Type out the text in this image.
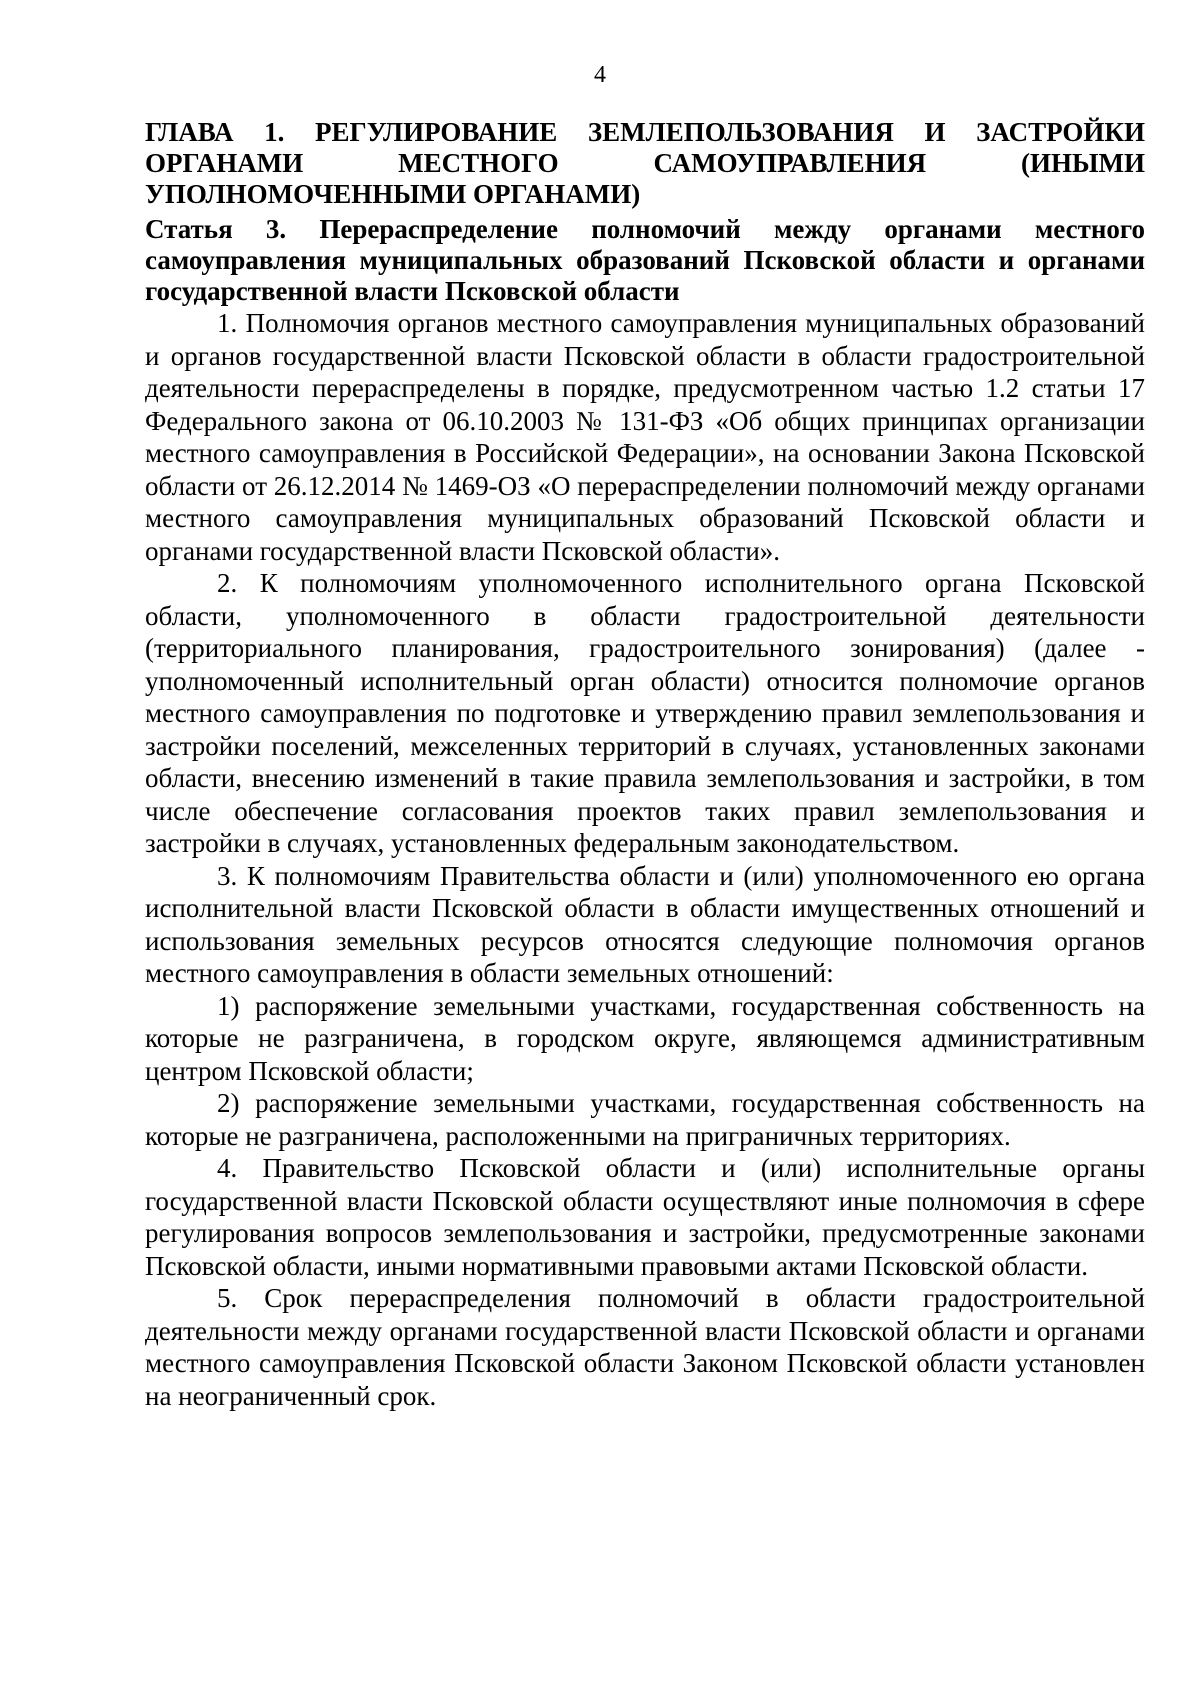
4

ГЛАВА 1. РЕГУЛИРОВАНИЕ ЗЕМЛЕПОЛЬЗОВАНИЯ И ЗАСТРОЙКИ ОРГАНАМИ МЕСТНОГО САМОУПРАВЛЕНИЯ (ИНЫМИ УПОЛНОМОЧЕННЫМИ ОРГАНАМИ)

Статья 3. Перераспределение полномочий между органами местного самоуправления муниципальных образований Псковской области и органами государственной власти Псковской области

1. Полномочия органов местного самоуправления муниципальных образований и органов государственной власти Псковской области в области градостроительной деятельности перераспределены в порядке, предусмотренном частью 1.2 статьи 17 Федерального закона от 06.10.2003 № 131-ФЗ «Об общих принципах организации местного самоуправления в Российской Федерации», на основании Закона Псковской области от 26.12.2014 № 1469-ОЗ «О перераспределении полномочий между органами местного самоуправления муниципальных образований Псковской области и органами государственной власти Псковской области».

2. К полномочиям уполномоченного исполнительного органа Псковской области, уполномоченного в области градостроительной деятельности (территориального планирования, градостроительного зонирования) (далее - уполномоченный исполнительный орган области) относится полномочие органов местного самоуправления по подготовке и утверждению правил землепользования и застройки поселений, межселенных территорий в случаях, установленных законами области, внесению изменений в такие правила землепользования и застройки, в том числе обеспечение согласования проектов таких правил землепользования и застройки в случаях, установленных федеральным законодательством.

3. К полномочиям Правительства области и (или) уполномоченного ею органа исполнительной власти Псковской области в области имущественных отношений и использования земельных ресурсов относятся следующие полномочия органов местного самоуправления в области земельных отношений:

1) распоряжение земельными участками, государственная собственность на которые не разграничена, в городском округе, являющемся административным центром Псковской области;

2) распоряжение земельными участками, государственная собственность на которые не разграничена, расположенными на приграничных территориях.

4. Правительство Псковской области и (или) исполнительные органы государственной власти Псковской области осуществляют иные полномочия в сфере регулирования вопросов землепользования и застройки, предусмотренные законами Псковской области, иными нормативными правовыми актами Псковской области.

5. Срок перераспределения полномочий в области градостроительной деятельности между органами государственной власти Псковской области и органами местного самоуправления Псковской области Законом Псковской области установлен на неограниченный срок.
